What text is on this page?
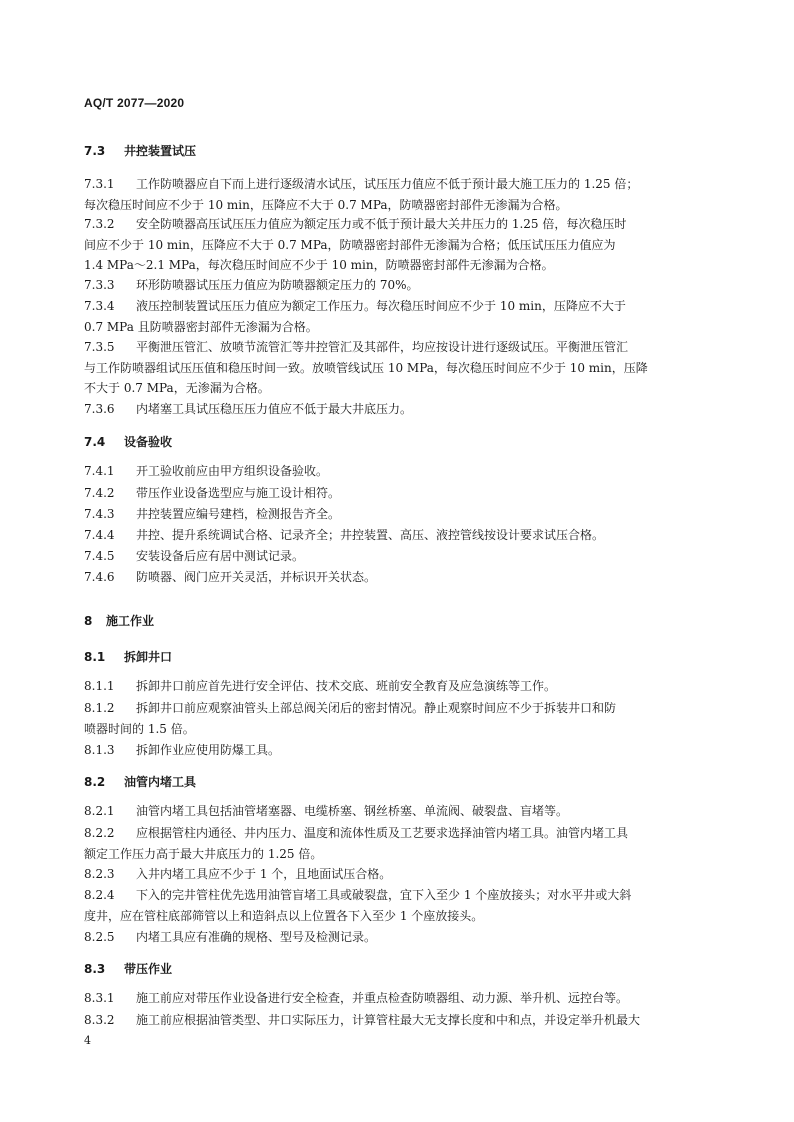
AQ/T 2077—2020
7.3 井控装置试压
7.3.1 工作防喷器应自下而上进行逐级清水试压，试压压力值应不低于预计最大施工压力的 1.25 倍；
每次稳压时间应不少于 10 min，压降应不大于 0.7 MPa，防喷器密封部件无渗漏为合格。
7.3.2 安全防喷器高压试压压力值应为额定压力或不低于预计最大关井压力的 1.25 倍，每次稳压时
间应不少于 10 min，压降应不大于 0.7 MPa，防喷器密封部件无渗漏为合格；低压试压压力值应为
1.4 MPa～2.1 MPa，每次稳压时间应不少于 10 min，防喷器密封部件无渗漏为合格。
7.3.3 环形防喷器试压压力值应为防喷器额定压力的 70%。
7.3.4 液压控制装置试压压力值应为额定工作压力。每次稳压时间应不少于 10 min，压降应不大于
0.7 MPa 且防喷器密封部件无渗漏为合格。
7.3.5 平衡泄压管汇、放喷节流管汇等井控管汇及其部件，均应按设计进行逐级试压。平衡泄压管汇
与工作防喷器组试压压值和稳压时间一致。放喷管线试压 10 MPa，每次稳压时间应不少于 10 min，压降
不大于 0.7 MPa，无渗漏为合格。
7.3.6 内堵塞工具试压稳压压力值应不低于最大井底压力。
7.4 设备验收
7.4.1 开工验收前应由甲方组织设备验收。
7.4.2 带压作业设备选型应与施工设计相符。
7.4.3 井控装置应编号建档，检测报告齐全。
7.4.4 井控、提升系统调试合格、记录齐全；井控装置、高压、液控管线按设计要求试压合格。
7.4.5 安装设备后应有居中测试记录。
7.4.6 防喷器、阀门应开关灵活，并标识开关状态。
8 施工作业
8.1 拆卸井口
8.1.1 拆卸井口前应首先进行安全评估、技术交底、班前安全教育及应急演练等工作。
8.1.2 拆卸井口前应观察油管头上部总阀关闭后的密封情况。静止观察时间应不少于拆装井口和防
喷器时间的 1.5 倍。
8.1.3 拆卸作业应使用防爆工具。
8.2 油管内堵工具
8.2.1 油管内堵工具包括油管堵塞器、电缆桥塞、钢丝桥塞、单流阀、破裂盘、盲堵等。
8.2.2 应根据管柱内通径、井内压力、温度和流体性质及工艺要求选择油管内堵工具。油管内堵工具
额定工作压力高于最大井底压力的 1.25 倍。
8.2.3 入井内堵工具应不少于 1 个，且地面试压合格。
8.2.4 下入的完井管柱优先选用油管盲堵工具或破裂盘，宜下入至少 1 个座放接头；对水平井或大斜
度井，应在管柱底部筛管以上和造斜点以上位置各下入至少 1 个座放接头。
8.2.5 内堵工具应有准确的规格、型号及检测记录。
8.3 带压作业
8.3.1 施工前应对带压作业设备进行安全检查，并重点检查防喷器组、动力源、举升机、远控台等。
8.3.2 施工前应根据油管类型、井口实际压力，计算管柱最大无支撑长度和中和点，并设定举升机最大
4
